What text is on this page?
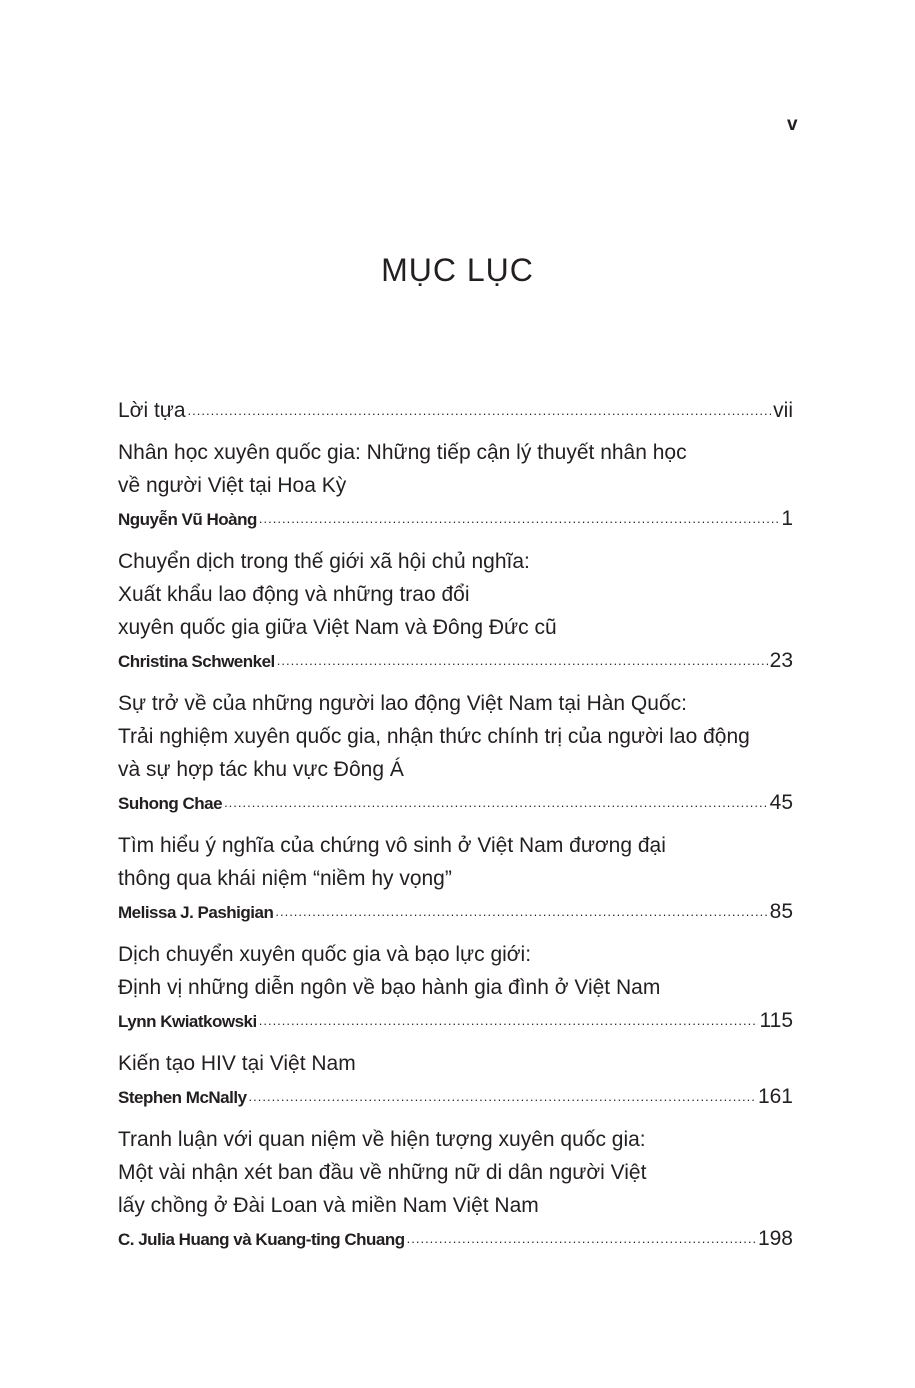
v
MỤC LỤC
Lời tựa .....	vii
Nhân học xuyên quốc gia: Những tiếp cận lý thuyết nhân học
về người Việt tại Hoa Kỳ
Nguyễn Vũ Hoàng .....	1
Chuyển dịch trong thế giới xã hội chủ nghĩa:
Xuất khẩu lao động và những trao đổi
xuyên quốc gia giữa Việt Nam và Đông Đức cũ
Christina Schwenkel .....	23
Sự trở về của những người lao động Việt Nam tại Hàn Quốc:
Trải nghiệm xuyên quốc gia, nhận thức chính trị của người lao động
và sự hợp tác khu vực Đông Á
Suhong Chae .....	45
Tìm hiểu ý nghĩa của chứng vô sinh ở Việt Nam đương đại
thông qua khái niệm “niềm hy vọng”
Melissa J. Pashigian .....	85
Dịch chuyển xuyên quốc gia và bạo lực giới:
Định vị những diễn ngôn về bạo hành gia đình ở Việt Nam
Lynn Kwiatkowski .....	115
Kiến tạo HIV tại Việt Nam
Stephen McNally .....	161
Tranh luận với quan niệm về hiện tượng xuyên quốc gia:
Một vài nhận xét ban đầu về những nữ di dân người Việt
lấy chồng ở Đài Loan và miền Nam Việt Nam
C. Julia Huang và Kuang-ting Chuang .....	198
